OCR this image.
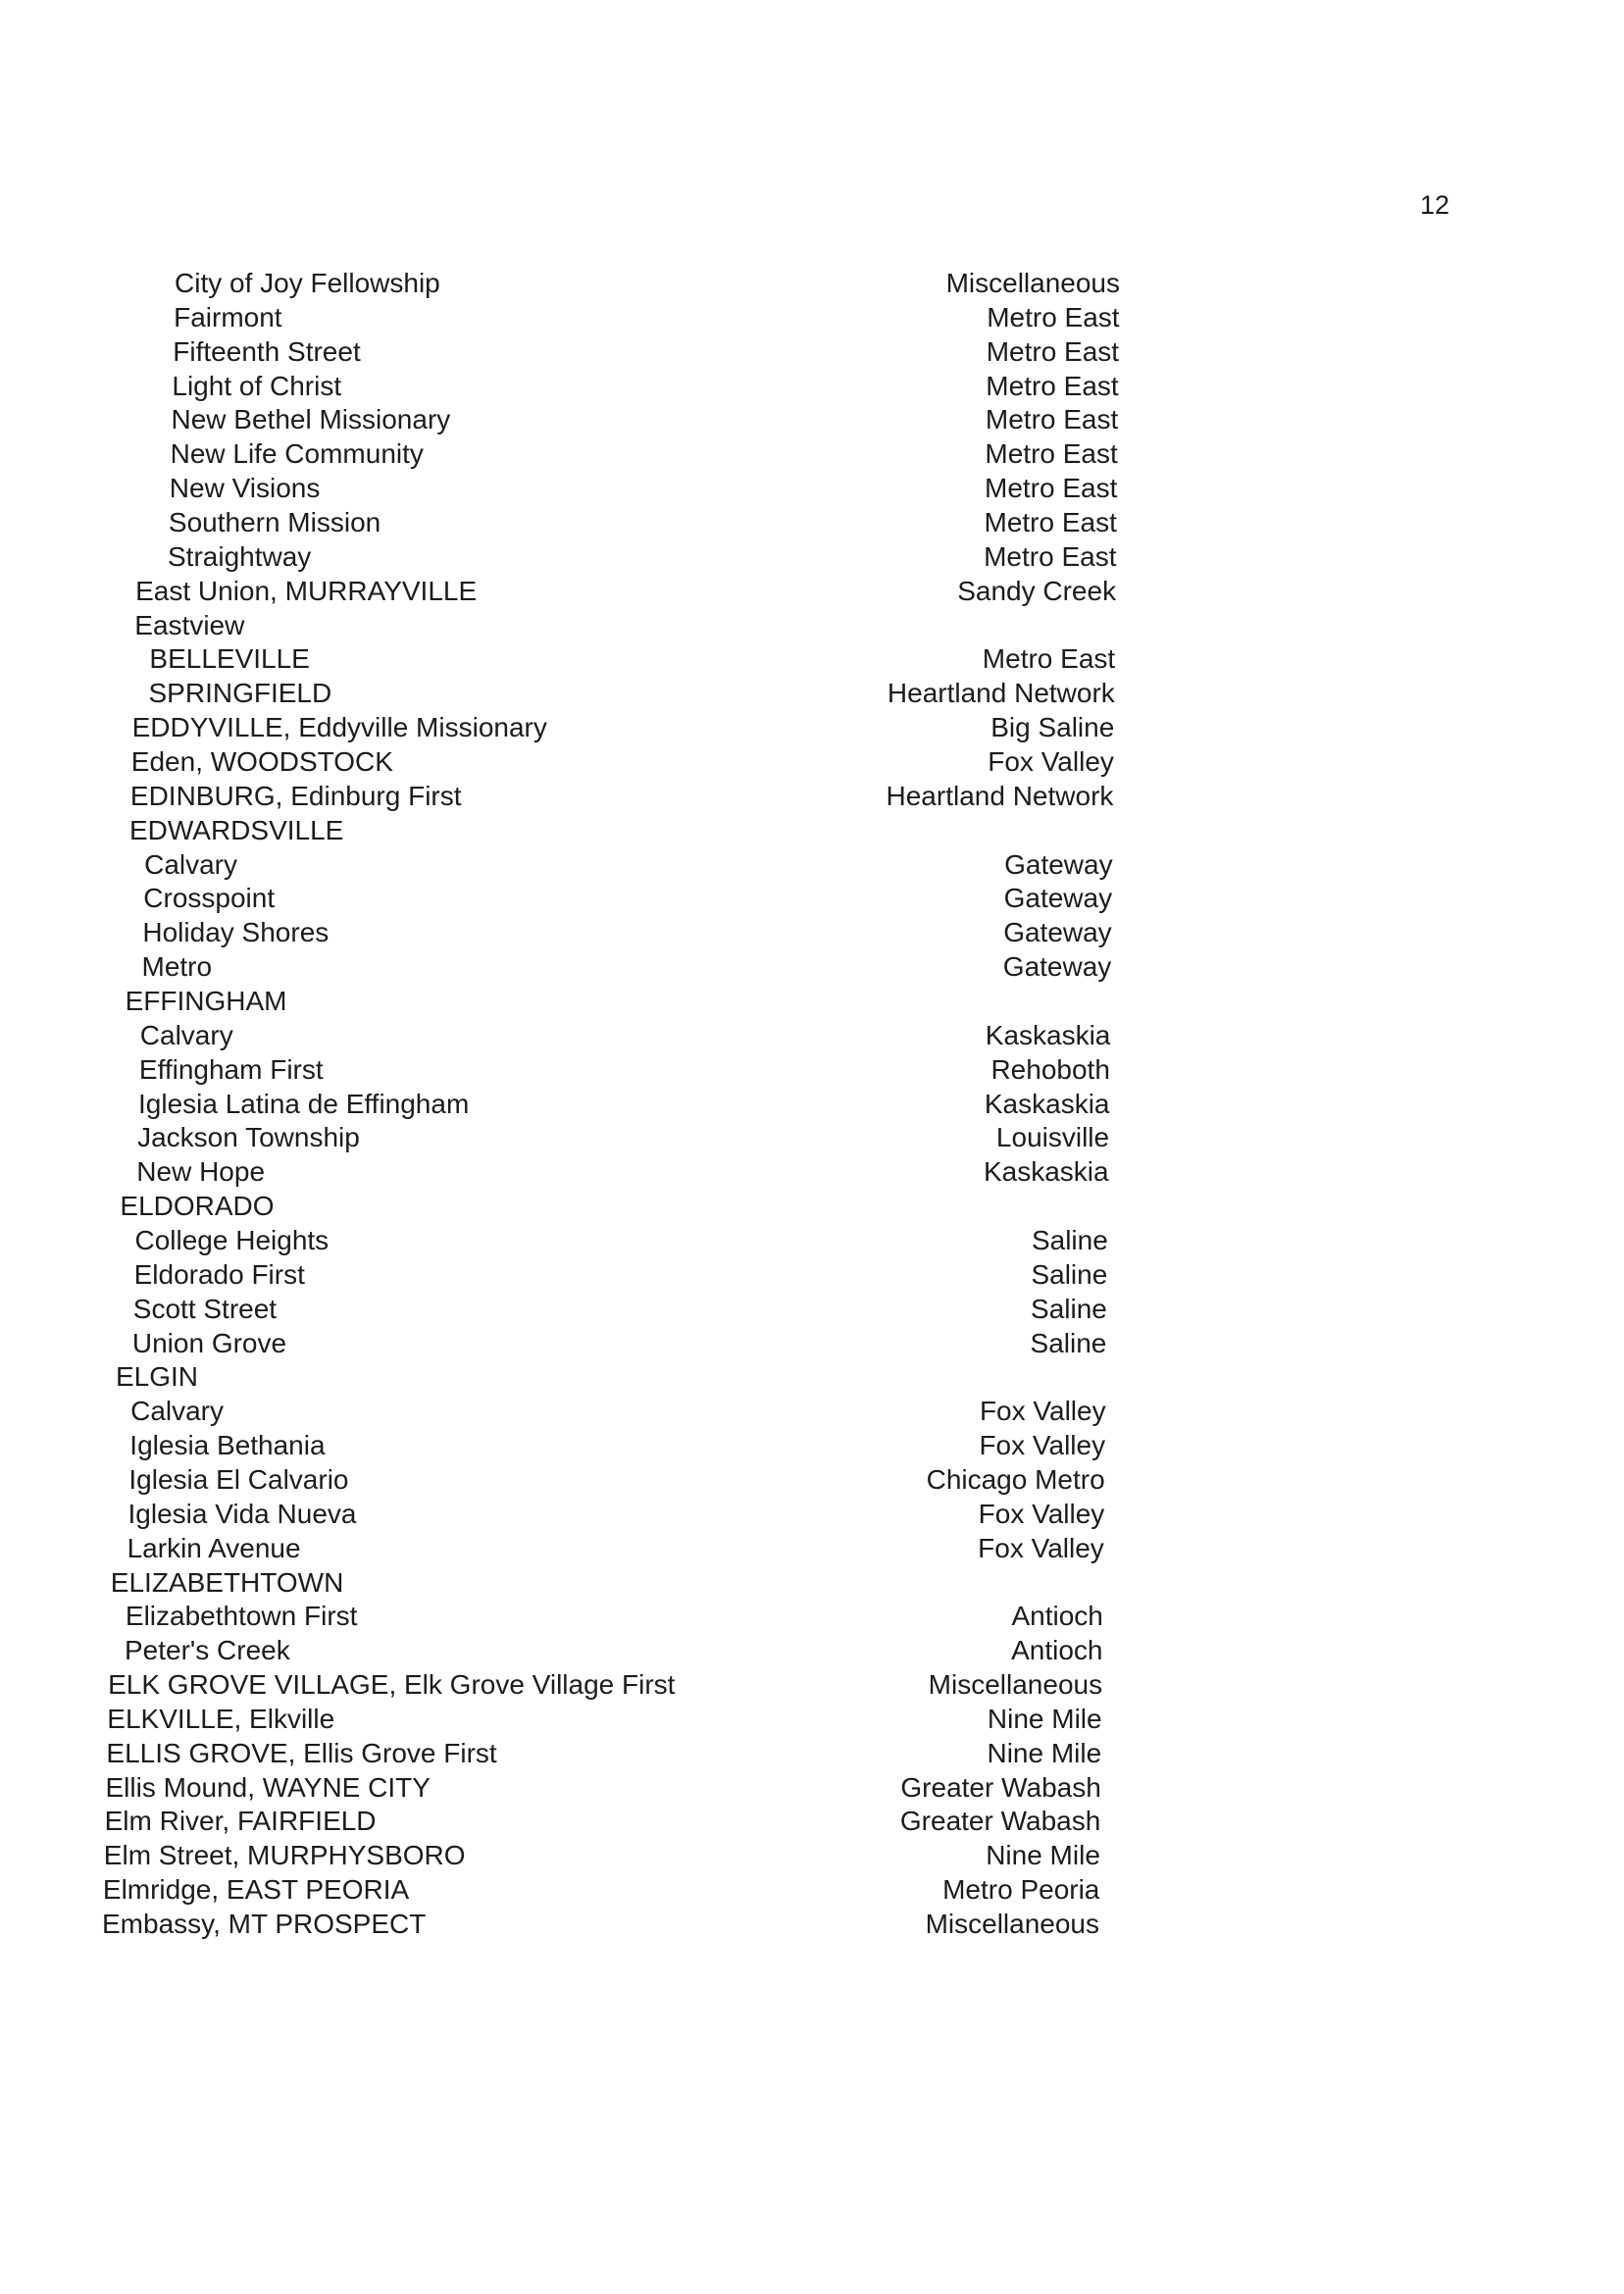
12
City of Joy Fellowship	Miscellaneous
Fairmont	Metro East
Fifteenth Street	Metro East
Light of Christ	Metro East
New Bethel Missionary	Metro East
New Life Community	Metro East
New Visions	Metro East
Southern Mission	Metro East
Straightway	Metro East
East Union, MURRAYVILLE	Sandy Creek
Eastview
BELLEVILLE	Metro East
SPRINGFIELD	Heartland Network
EDDYVILLE, Eddyville Missionary	Big Saline
Eden, WOODSTOCK	Fox Valley
EDINBURG, Edinburg First	Heartland Network
EDWARDSVILLE
Calvary	Gateway
Crosspoint	Gateway
Holiday Shores	Gateway
Metro	Gateway
EFFINGHAM
Calvary	Kaskaskia
Effingham First	Rehoboth
Iglesia Latina de Effingham	Kaskaskia
Jackson Township	Louisville
New Hope	Kaskaskia
ELDORADO
College Heights	Saline
Eldorado First	Saline
Scott Street	Saline
Union Grove	Saline
ELGIN
Calvary	Fox Valley
Iglesia Bethania	Fox Valley
Iglesia El Calvario	Chicago Metro
Iglesia Vida Nueva	Fox Valley
Larkin Avenue	Fox Valley
ELIZABETHTOWN
Elizabethtown First	Antioch
Peter's Creek	Antioch
ELK GROVE VILLAGE, Elk Grove Village First	Miscellaneous
ELKVILLE, Elkville	Nine Mile
ELLIS GROVE, Ellis Grove First	Nine Mile
Ellis Mound, WAYNE CITY	Greater Wabash
Elm River, FAIRFIELD	Greater Wabash
Elm Street, MURPHYSBORO	Nine Mile
Elmridge, EAST PEORIA	Metro Peoria
Embassy, MT PROSPECT	Miscellaneous
